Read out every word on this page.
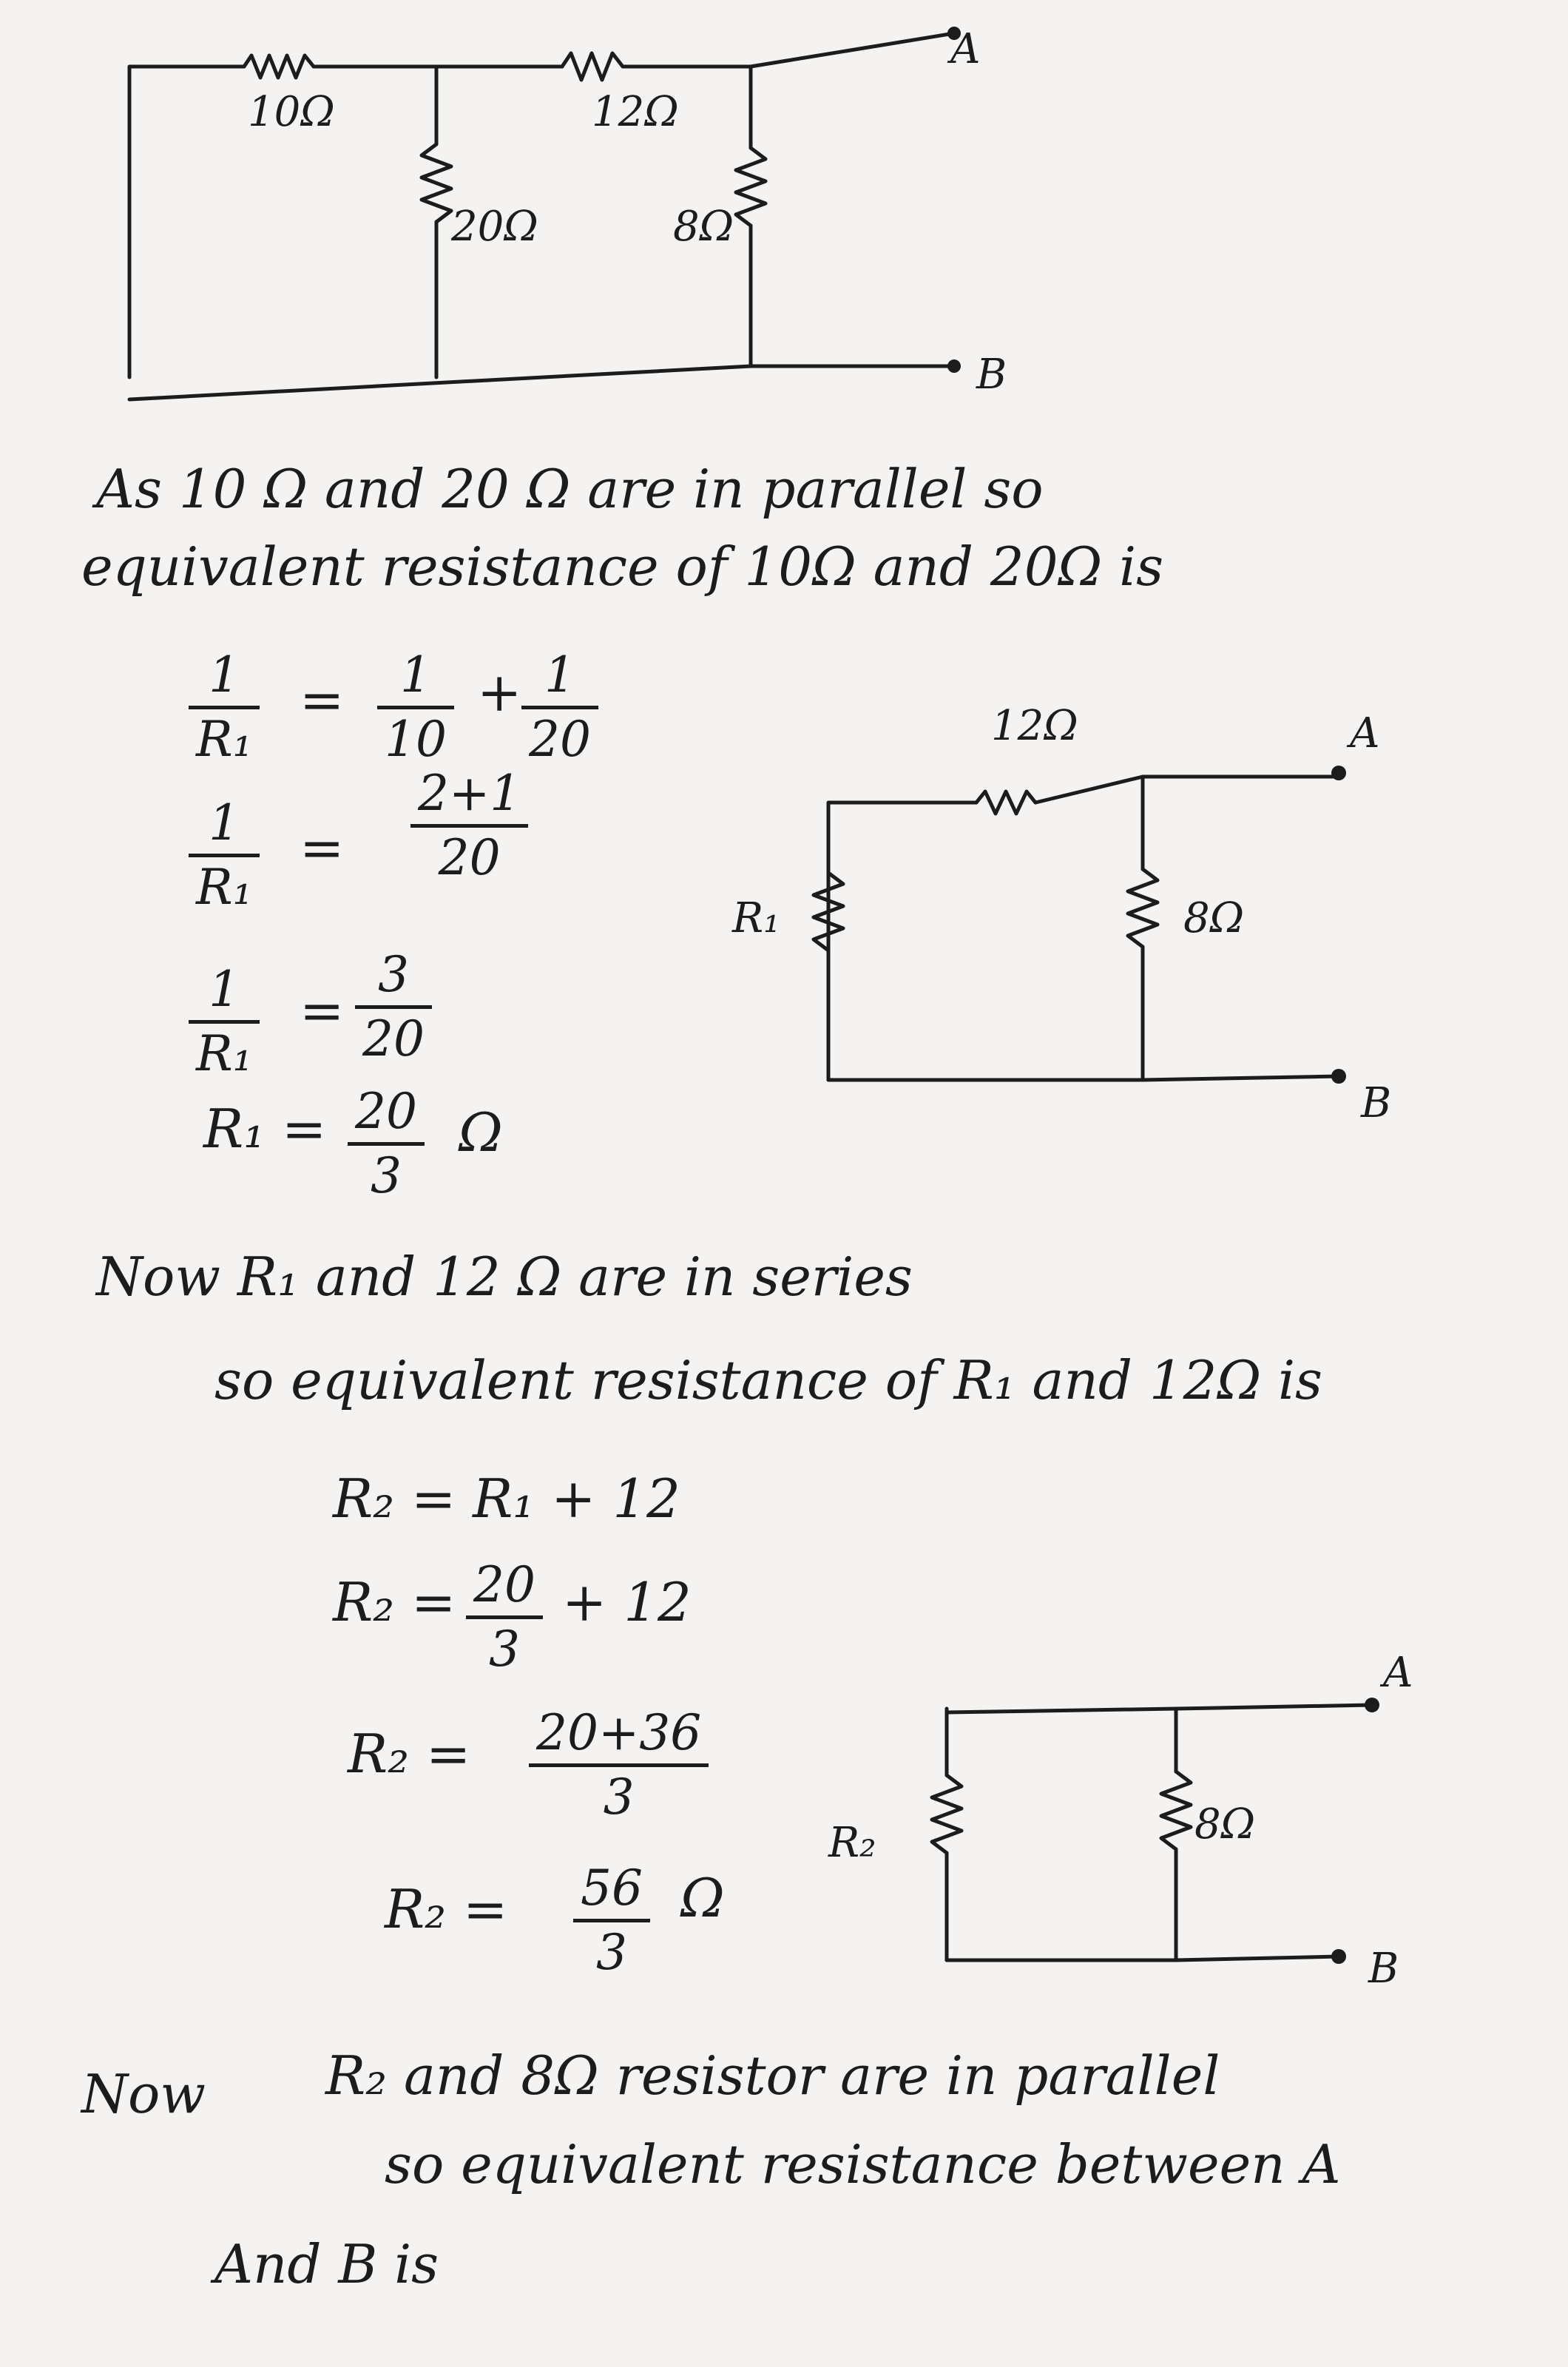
10Ω	12Ω
20Ω	8Ω
A
B
As 10 Ω and 20 Ω are in parallel so
equivalent resistance of 10Ω and 20Ω is
1
R₁
= 1
10
+ 1
20
1
R₁
=
2+1
20
1
R₁
=
3
20
R₁ = 20
3
Ω
12Ω
R₁	8Ω
A
B
Now R₁ and 12 Ω are in series
so equivalent resistance of R₁ and 12Ω is
R₂ = R₁ + 12
R₂ = 20
3
+ 12
R₂ = 20+36
3
R₂ = 56
3
Ω
R₂	8Ω
A
B
Now R₂ and 8Ω resistor are in parallel
so equivalent resistance between A
And B is
